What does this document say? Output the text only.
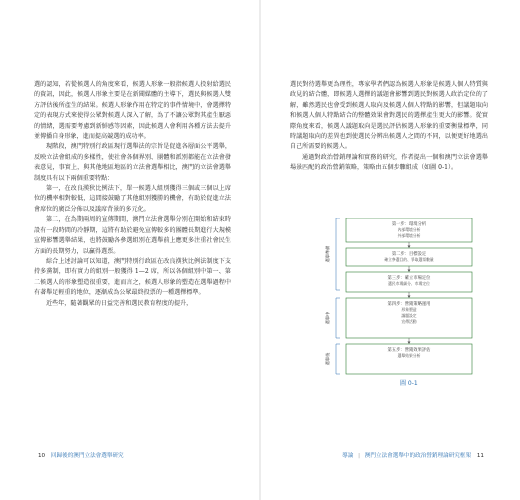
選的認知，若從候選人的角度來看，候選人形象一般指候選人投射給選民的資訊，因此，候選人形象主要是在新聞媒體的主導下，選民與候選人雙方評估後所產生的結果。候選人形象作用在特定的事件情境中，會選擇特定的表現方式來使得公眾對候選人深入了解，為了不讓公眾對其產生厭惡的情緒，選需要考慮到新鮮感等因素，因此候選人會利用各種方法去提升並傳播自身形象，進而提高競選的成功率。

現階段，澳門特別行政區現行選舉法的宗旨是促進各層面公平選舉，反映立法會組成的多樣性，使社會各個界別、團體和派別都能在立法會發表意見，事實上，與其他地區地區的立法會選舉相比，澳門的立法會選舉制度具有以下兩個重要特點：

第一，在改良漢狄比例法下，單一候選人組別獲得三個或三個以上席位的機率相對較低，這間接鼓勵了其他組別獲勝的機會，有助於促進立法會席位的廣泛分佈以及議席背景的多元化。

第二，在為期兩周的宣傳期間，澳門立法會選舉分別在開始和結束時設有一段時間的冷靜期，這將有助於避免宣傳較多的團體長期進行大規模宣傳影響選舉結果，也將鼓勵各參選組別在選舉前上應更多注重社會民生方面的長期努力，以贏得選票。

綜合上述討論可以知道，澳門特別行政區在改良漢狄比例法制度下支持多黨制，即有實力的組別一般獲得 1—2 席，所以各個組別中第一、第二候選人的形象塑造很重要，進而言之，候選人形象的塑造在選舉過程中有著舉足輕重的地位，逐漸成為公眾最終投票的一種選擇標準。

近些年，隨著觀眾的日益完善和選民教育程度的提升，

10 回歸後的澳門立法會選舉研究

選民對待選舉更為理性，專家學者們認為候選人形象是候選人個人特質與政見的結合體，即候選人選擇的議題會影響到選民對候選人政治定位的了解，雖然選民也會受到候選人取向及候選人個人特點的影響，但議題取向和候選人個人特點結合的整體效果會對選民的選擇產生更大的影響。從實際角度來看，候選人議題取向是選民評估候選人形象的重要衡量標準，同時議題取向的差異也到使選民分辨出候選人之間的不同，以便更好地選出自己所需要的候選人。

通過對政治營銷理論和實務的研究，作者提出一個和澳門立法會選舉場景匹配的政治營銷策略，策略由五個步驟組成（如圖 0-1）。

第一步：環境分析
內部環境分析
外部環境分析
第二步：目標設定
確立參選目的、爭取選票數量
第三步：確立市場定位
選民市場細分、市場定位
第四步：營銷策略運用
形象塑造
議題設定
宣傳活動
第五步：營銷效果評估
選舉結果分析
選舉準備
選舉中
選舉後
圖 0-1
導論 | 澳門立法會選舉中的政治營銷理論研究框架 11
